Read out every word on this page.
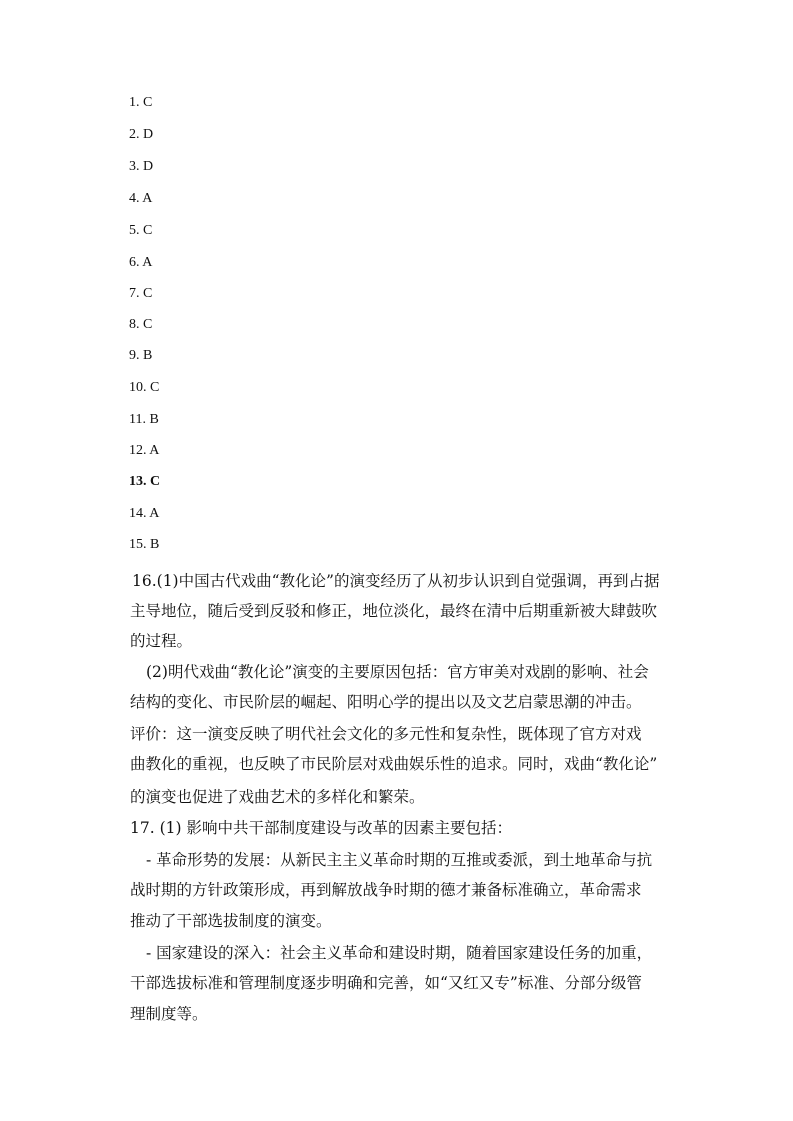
1. C
2. D
3. D
4. A
5. C
6. A
7. C
8. C
9. B
10. C
11. B
12. A
13. C
14. A
15. B
16.(1)中国古代戏曲“教化论”的演变经历了从初步认识到自觉强调，再到占据
主导地位，随后受到反驳和修正，地位淡化，最终在清中后期重新被大肆鼓吹
的过程。
(2)明代戏曲“教化论”演变的主要原因包括：官方审美对戏剧的影响、社会
结构的变化、市民阶层的崛起、阳明心学的提出以及文艺启蒙思潮的冲击。
评价：这一演变反映了明代社会文化的多元性和复杂性，既体现了官方对戏
曲教化的重视，也反映了市民阶层对戏曲娱乐性的追求。同时，戏曲“教化论”
的演变也促进了戏曲艺术的多样化和繁荣。
17. (1) 影响中共干部制度建设与改革的因素主要包括：
- 革命形势的发展：从新民主主义革命时期的互推或委派，到土地革命与抗
战时期的方针政策形成，再到解放战争时期的德才兼备标准确立，革命需求
推动了干部选拔制度的演变。
- 国家建设的深入：社会主义革命和建设时期，随着国家建设任务的加重，
干部选拔标准和管理制度逐步明确和完善，如“又红又专”标准、分部分级管
理制度等。
